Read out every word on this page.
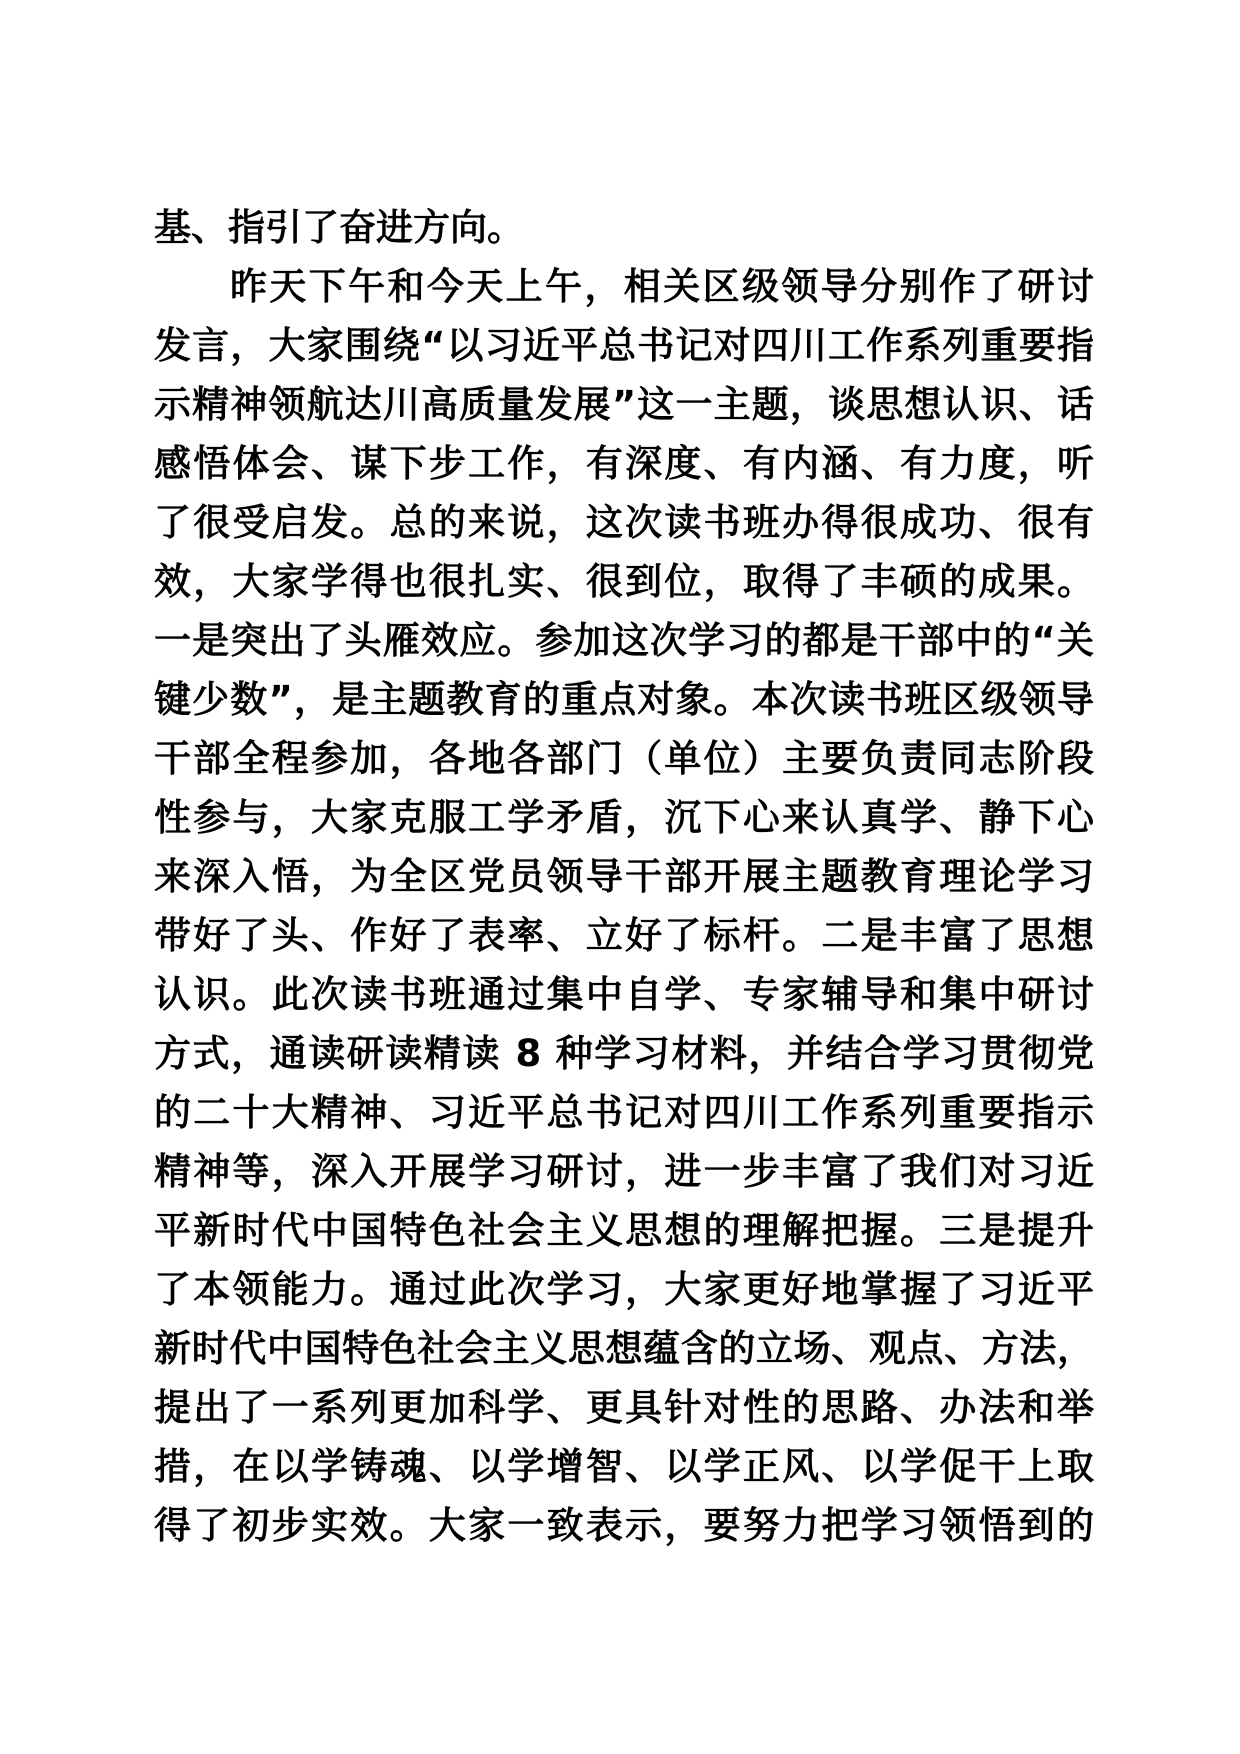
基、指引了奋进方向。
昨天下午和今天上午，相关区级领导分别作了研讨
发言，大家围绕“以习近平总书记对四川工作系列重要指
示精神领航达川高质量发展”这一主题，谈思想认识、话
感悟体会、谋下步工作，有深度、有内涵、有力度，听
了很受启发。总的来说，这次读书班办得很成功、很有
效，大家学得也很扎实、很到位，取得了丰硕的成果。
一是突出了头雁效应。参加这次学习的都是干部中的“关
键少数”，是主题教育的重点对象。本次读书班区级领导
干部全程参加，各地各部门（单位）主要负责同志阶段
性参与，大家克服工学矛盾，沉下心来认真学、静下心
来深入悟，为全区党员领导干部开展主题教育理论学习
带好了头、作好了表率、立好了标杆。二是丰富了思想
认识。此次读书班通过集中自学、专家辅导和集中研讨
方式，通读研读精读 8 种学习材料，并结合学习贯彻党
的二十大精神、习近平总书记对四川工作系列重要指示
精神等，深入开展学习研讨，进一步丰富了我们对习近
平新时代中国特色社会主义思想的理解把握。三是提升
了本领能力。通过此次学习，大家更好地掌握了习近平
新时代中国特色社会主义思想蕴含的立场、观点、方法，
提出了一系列更加科学、更具针对性的思路、办法和举
措，在以学铸魂、以学增智、以学正风、以学促干上取
得了初步实效。大家一致表示，要努力把学习领悟到的
